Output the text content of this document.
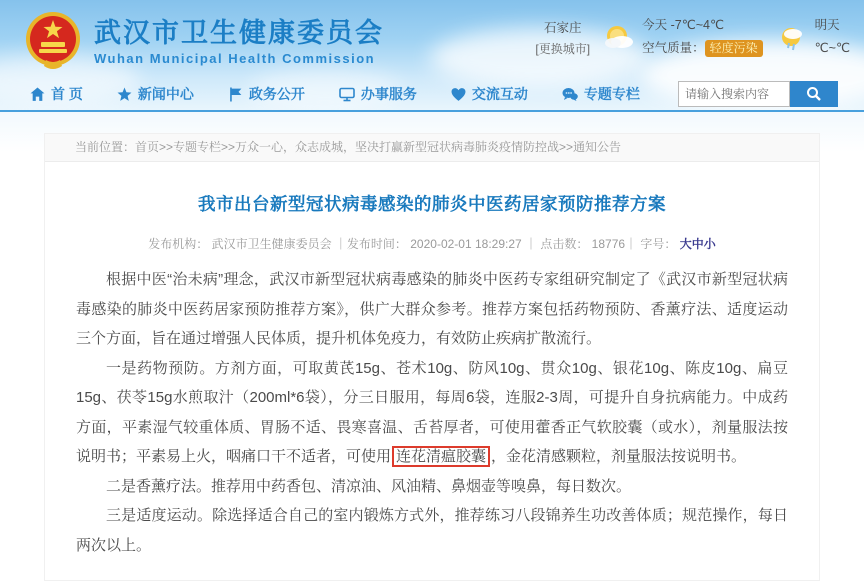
武汉市卫生健康委员会
Wuhan Municipal Health Commission
石家庄
[更换城市]
今天 -7℃~4℃
空气质量： 轻度污染
明天
℃~℃
首 页	新闻中心	政务公开	办事服务	交流互动	专题专栏
请输入搜索内容
当前位置：首页>>专题专栏>>万众一心，众志成城，坚决打赢新型冠状病毒肺炎疫情防控战>>通知公告
我市出台新型冠状病毒感染的肺炎中医药居家预防推荐方案
发布机构： 武汉市卫生健康委员会 ｜发布时间： 2020-02-01 18:29:27 ｜ 点击数： 18776｜ 字号： 大中小

根据中医“治未病”理念，武汉市新型冠状病毒感染的肺炎中医药专家组研究制定了《武汉市新型冠状病毒感染的肺炎中医药居家预防推荐方案》，供广大群众参考。推荐方案包括药物预防、香薰疗法、适度运动三个方面，旨在通过增强人民体质，提升机体免疫力，有效防止疾病扩散流行。

一是药物预防。方剂方面，可取黄芪15g、苍术10g、防风10g、贯众10g、银花10g、陈皮10g、扁豆15g、茯苓15g水煎取汁（200ml*6袋），分三日服用，每周6袋，连服2-3周，可提升自身抗病能力。中成药方面，平素湿气较重体质、胃肠不适、畏寒喜温、舌苔厚者，可使用藿香正气软胶囊（或水），剂量服法按说明书；平素易上火，咽痛口干不适者，可使用 连花清瘟胶囊 ，金花清感颗粒，剂量服法按说明书。

二是香薰疗法。推荐用中药香包、清凉油、风油精、鼻烟壶等嗅鼻，每日数次。

三是适度运动。除选择适合自己的室内锻炼方式外，推荐练习八段锦养生功改善体质；规范操作，每日两次以上。
